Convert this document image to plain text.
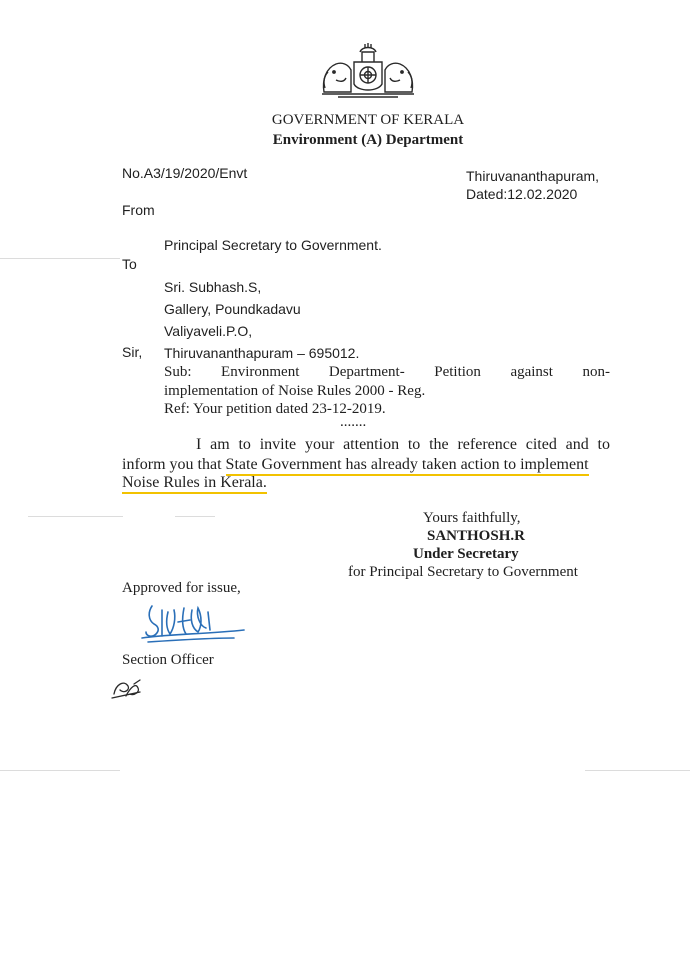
GOVERNMENT OF KERALA
Environment (A) Department
No.A3/19/2020/Envt	Thiruvananthapuram,
Dated:12.02.2020
From
Principal Secretary to Government.
To
Sri. Subhash.S,
Gallery, Poundkadavu
Valiyaveli.P.O,
Thiruvananthapuram – 695012.
Sir,
Sub: Environment Department- Petition against non-
implementation of Noise Rules 2000 - Reg.
Ref: Your petition dated 23-12-2019.
.......
I am to invite your attention to the reference cited and to
inform you that State Government has already taken action to implement
Noise Rules in Kerala.
Yours faithfully,
SANTHOSH.R
Under Secretary
for Principal Secretary to Government
Approved for issue,
Section Officer
